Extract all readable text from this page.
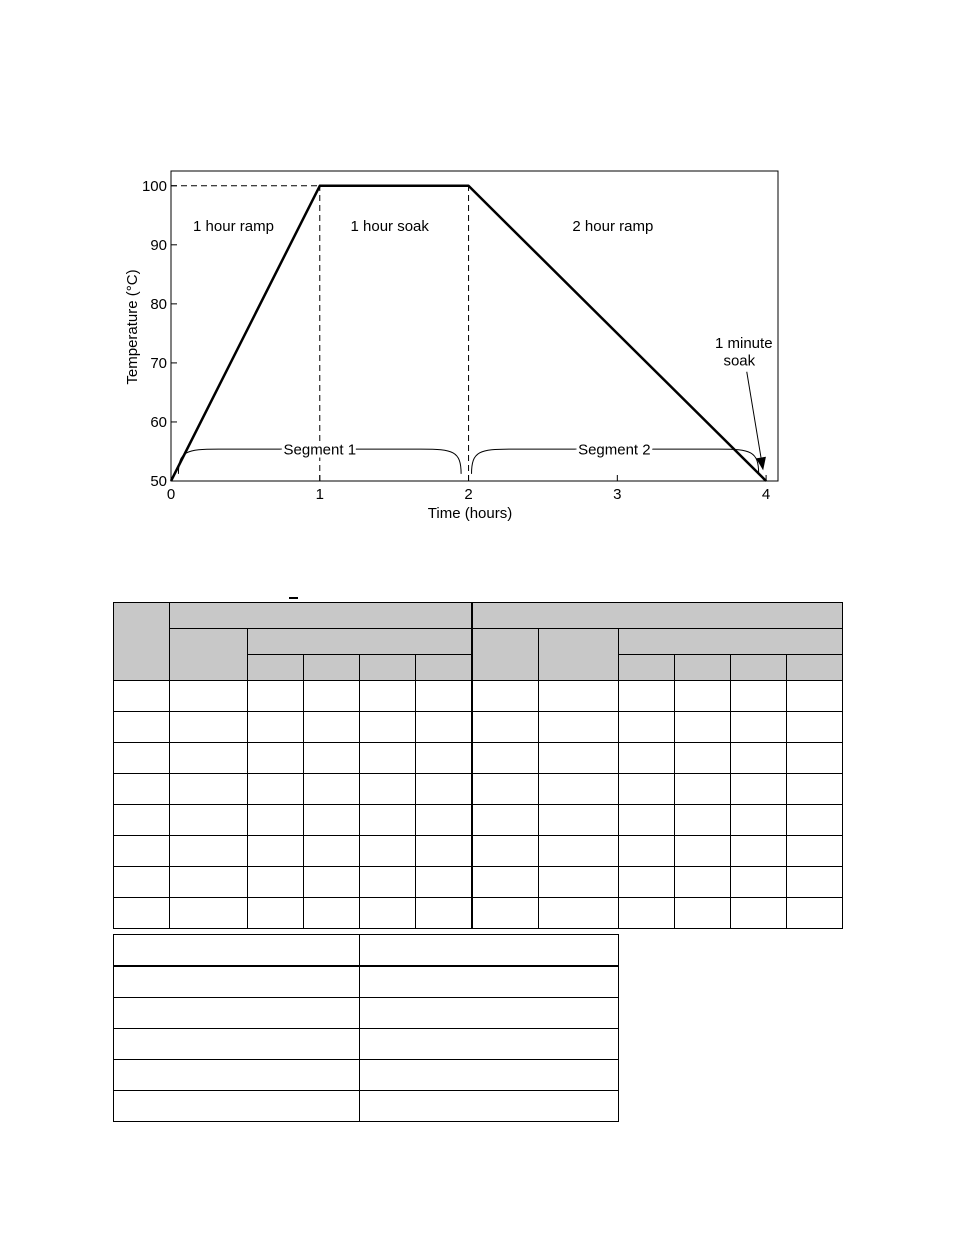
0	1	2	3	4
50
60
70
80
90
100
1 hour ramp	1 hour soak	2 hour ramp
Segment 1	Segment 2
1 minute
soak
Time (hours)
Temperature (°C)
